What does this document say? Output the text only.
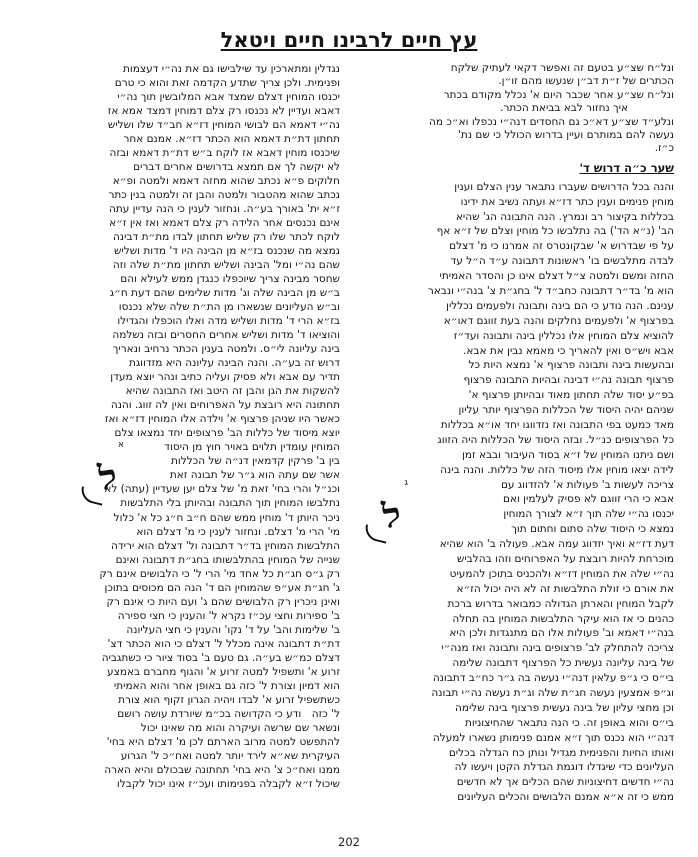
עץ חיים לרבינו חיים ויטאל
ונל״ח שצ״ע בטעם זה ואפשר דקאי לעתיק שלקח
הכתרים של ז״ת דב״ן שנעשו מהם זו״ן.
ונל״ח שצ״ע אחר שכבר היום א' נכלל מקודם בכתר
איך נחזור לבא בביאת הכתר.
ונלע״ד שצ״ע דא״כ גם החסדים דנה״י נכפלו וא״כ מה
נעשה להם במותרם ועיין בדרוש הכולל כי שם נת'
כ״ז.
שער כ״ה דרוש ד'
והנה בכל הדרושים שעברו נתבאר ענין הצלם וענין
מוחין פנימים וענין כתר דז״א ועתה נשיב את ידינו
בכללות בקיצור רב ונמרץ. הנה התבונה הג' שהיא
הב' (נ״א הד') בה נתלבשו כל מוחין וצלם של ז״א אף
על פי שבדרוש א' שבקונטרס זה אמרנו כי מ' דצלם
לבדה מתלבשים בו' ראשונות דתבונה ע״ד ה״ל עד
החזה ומשם ולמטה צ״ל דצלם אינו כן והסדר האמיתי
הוא מ' בד״ר דתבונה כחב״ד ל' בחג״ת צ' בנה״י ונבאר
ענינם. הנה נודע כי הם בינה ותבונה ולפעמים נכללין
בפרצוף א' ולפעמים נחלקים והנה בעת זווגם דאו״א
להוציא צלם המוחין אלו נכללין בינה ותבונה ועד״ז
אבא ויש״ס ואין להאריך כי מאמא נבין את אבא.
ובהעשות בינה ותבונה פרצוף א' נמצא היות כל
פרצוף תבונה נה״י דבינה ובהיות התבונה פרצוף
בפ״ע יסוד שלה תחתון מאוד ובהיותן פרצוף א'
שניהם יהיה היסוד של הכללות הפרצוף יותר עליון
מאד כמעט בפי התבונה ואז נזדווגו יחד או״א בכללות
כל הפרצופים כנ״ל. ובזה היסוד של הכללות היה הזווג
ושם ניתנו המוחין של ז״א בסוד העיבור ובבא זמן
לידה יצאו מוחין אלו מיסוד הזה של כללות. והנה בינה
צריכה לעשות ב' פעולות א' להזדווג עם
אבא כי הרי זווגם לא פסיק לעלמין ואם
יכנסו נה״י שלה תוך ז״א לצורך המוחין
נמצא כי היסוד שלה סתום וחתום תוך
דעת דז״א ואיך יזדווג עמה אבא. פעולה ב' הוא שהיא
מוכרחת להיות רובצת על האפרוחים וזהו בהלביש
נה״י שלה את המוחין דז״א ולהכניס בתוכן להמעיט
את אורם כי זולת התלבשות זה לא היה יכול הז״א
לקבל המוחין והארתן הגדולה כמבואר בדרוש ברכת
כהנים כי אז הוא עיקר התלבשות המוחין בה תחלה
בנה״י דאמא וב' פעולות אלו הם מתנגדות ולכן היא
צריכה להתחלק לב' פרצופים בינה ותבונה ואז מנה״י
של בינה עליונה נעשית כל הפרצוף דתבונה שלימה
בי״ס כי ג״פ עלאין דנה״י נעשה בה ג״ר כח״ב דתבונה
וג״פ אמצעין נעשה חג״ת שלה וג״ת נעשה נה״י תבונה
וכן מחצי עליון של בינה נעשית פרצוף בינה שלימה
בי״ס והוא באופן זה. כי הנה נתבאר שהחיצוניות
דנה״י הוא נכנס תוך ז״א אמנם פנימותן נשארו למעלה
ואותו החיות והפנימית מגדיל ונותן כח הגדלה בכלים
העליונים כדי שיגדלו דוגמת הגדלת הקטן ויעשו לה
נה״י חדשים דחיצוניות שהם הכלים אך לא חדשים
ממש כי זה א״א אמנם הלבושים והכלים העליונים
ג
ל
נגדלין ומתארכין עד שילבישו גם את נה״י דעצמות
ופנימית. ולכן צריך שתדע הקדמה זאת והוא כי טרם
יכנסו המוחין דצלם שמצד אבא המלובשין תוך נה״י
דאבא ועדיין לא נכנסו רק צלם דמוחין דמצד אמא אז
נה״י דאמא הם לבושי המוחין דז״א חב״ד שלו ושליש
תחתון דת״ת דאמא הוא הכתר דז״א. אמנם אחר
שיכנסו מוחין דאבא אז לוקח ב״ש דת״ת דאמא ובזה
לא יקשה לך אם תמצא בדרושים אחרים דברים
חלוקים פ״א נכתב שהוא מחזה דאמא ולמטה ופ״א
נכתב שהוא מהטבור ולמטה והבן זה ולמטה בנין כתר
ז״א ית' באורך בע״ה. ונחזור לענין כי הנה עדיין עתה
אינם נכנסים אחר הלידה רק צלם דאמא ואז אין ז״א
לוקח לכתר שלו רק שליש תחתון לבדו מת״ת דבינה
נמצא מה שנכנס בז״א מן הבינה היו ד' מדות ושליש
שהם נה״י ומל' הבינה ושליש תחתון מת״ת שלה וזה
שחסר מבינה צריך שיוכפלו כנגדן ממש לעילא והם
ב״ש מן הבינה שלה וג' מדות שלימים שהם דעת ח״ג
וב״ש העליונים שנשארו מן הת״ת שלה שלא נכנסו
בז״א הרי ד' מדות ושליש מדה ואלו הוכפלו והגדילו
והוציאו ד' מדות ושליש אחרים החסרים ובזה נשלמה
בינה עליונה לי״ס. ולמטה בענין הכתר נרחיב ונאריך
דרוש זה בע״ה. והנה הבינה עליונה היא מזדווגת
תדיר עם אבא ולא פסיק ועליה כתיב ונהר יוצא מעדן
להשקות את הגן והבן זה היטב ואז התבונה שהיא
תחתונה היא רובצת על האפרוחים ואין לה זווג. והנה
כאשר היו שניהן פרצוף א' וילדה אלו המוחין דז״א ואז
יוצא מיסוד של כללות הב' פרצופים יחד נמצאו צלם
המוחין עומדין תלוים באויר חוץ מן היסוד
בין ב' פרקין קדמאין דנ״ה של הכללות
אשר שם עתה הוא ג״ר של תבונה זאת
וכנ״ל והרי בחי' זאת מ' של צלם יען שעדיין (עתה) לא
נתלבשו המוחין תוך התבונה ובהיותן בלי התלבשות
ניכר היותן ד' מוחין ממש שהם ח״ב ח״ג כל א' כלול
מי' הרי מ' דצלם. ונחזור לענין כי מ' דצלם הוא
התלבשות המוחין בד״ר דתבונה ול' דצלם הוא ירידה
שנייה של המוחין בהתלבשותו בחג״ת דתבונה ואינם
רק ג״ס חג״ת כל אחד מי' הרי ל' כי הלבושים אינם רק
ג' חג״ת אע״פ שהמוחין הם ד' הנה הם מכוסים בתוכן
ואינן ניכרין רק הלבושים שהם ג' ועם היות כי אינם רק
ב' ספירות וחצי עכ״ז נקרא ל' והענין כי חצי ספירה
ב' שלימות והב' על ד' נקו' והענין כי חצי העליונה
דת״ת דתבונה אינה מכלל ל' דצלם כי הוא הכתר דצ'
דצלם כמ״ש בע״ה. גם טעם ב' בסוד ציור כי כשתגביה
זרוע א' ותשפיל למטה זרוע א' והגוף מחברם באמצע
הוא דמיון וצורת ל' כזה גם באופן אחר והוא האמיתי
כשתשפיל זרוע א' לבדו ויהיה הגרון זקוף הוא צורת
ל' כזה ודע כי הקדושה בכ״מ שיורדת עושה רושם
ונשאר שם שרשה ועיקרה והוא מה שאינו יכול
להתפשט למטה מרוב הארתם לכן מ' דצלם היא בחי'
העיקרית שא״א לירד יותר למטה ואח״כ ל' הגרוע
ממנו ואח״כ צ' היא בחי' תחתונה שבכולם והיא הארה
שיכול ז״א לקבלה בפנימותו ועכ״ז אינו יכול לקבלו
א
ל
202
